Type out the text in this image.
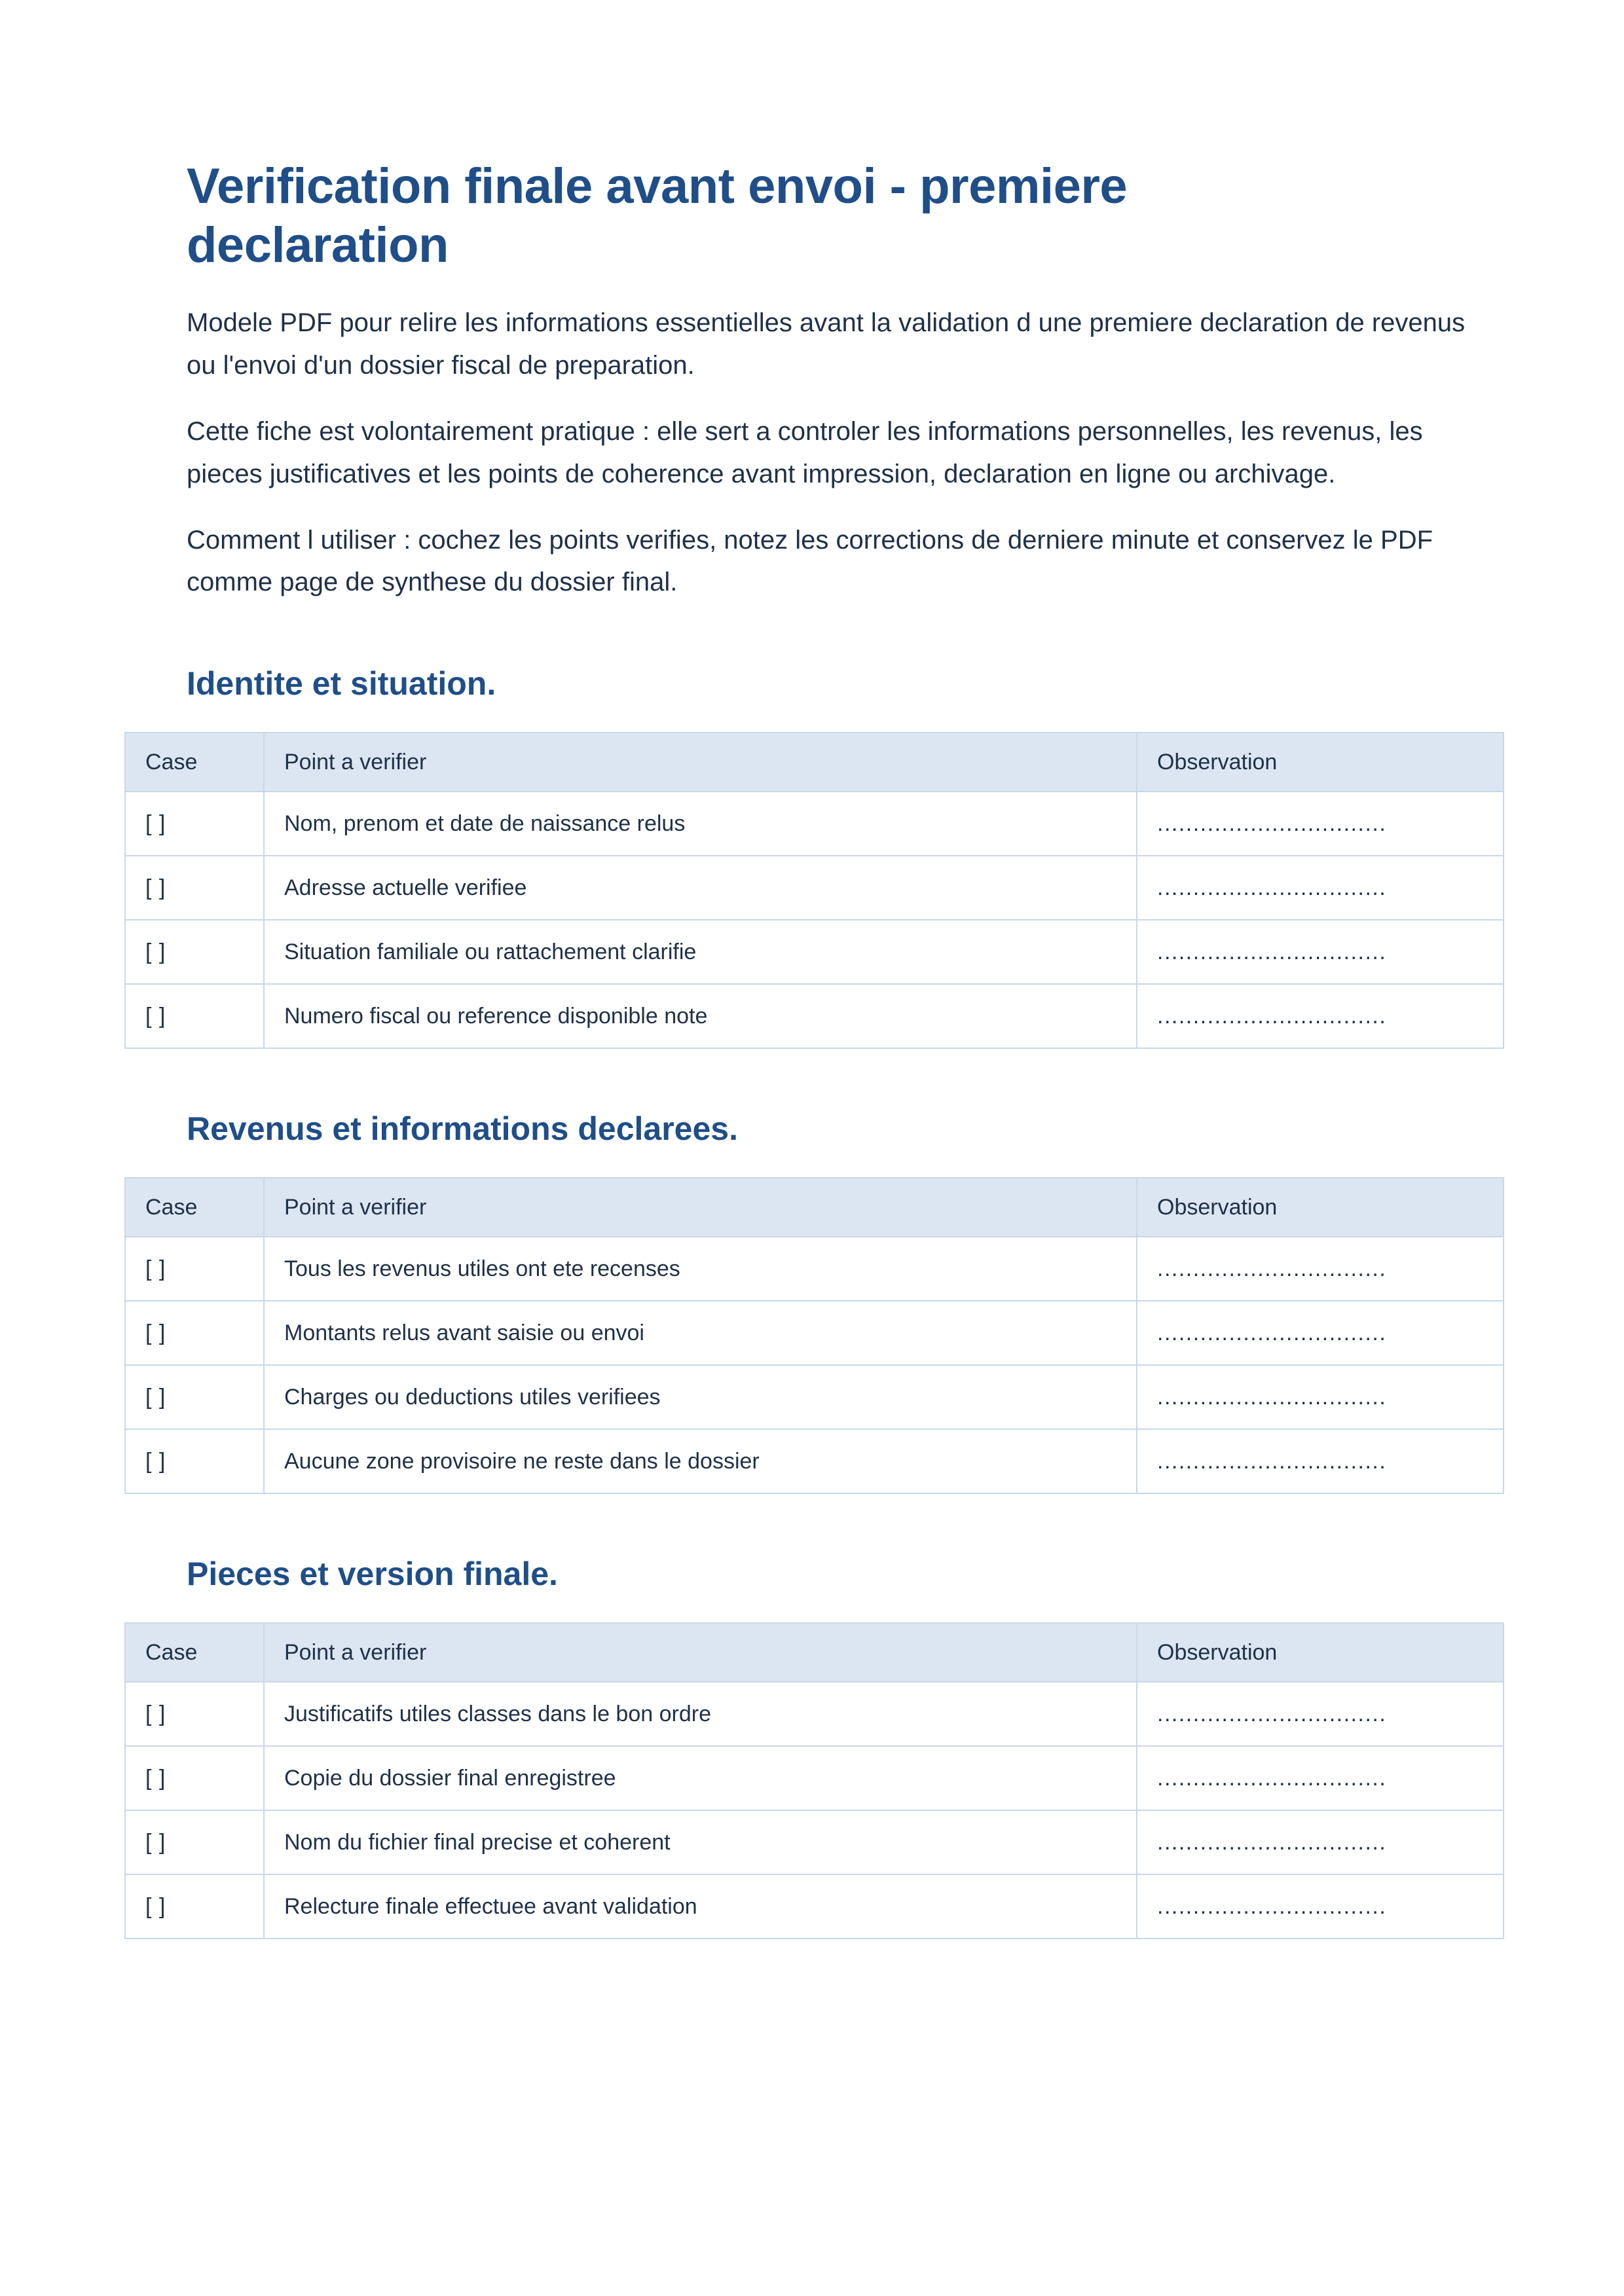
Verification finale avant envoi - premiere declaration

Modele PDF pour relire les informations essentielles avant la validation d une premiere declaration de revenus ou l'envoi d'un dossier fiscal de preparation.

Cette fiche est volontairement pratique : elle sert a controler les informations personnelles, les revenus, les pieces justificatives et les points de coherence avant impression, declaration en ligne ou archivage.

Comment l utiliser : cochez les points verifies, notez les corrections de derniere minute et conservez le PDF comme page de synthese du dossier final.

Identite et situation.
Case	Point a verifier	Observation
[ ]	Nom, prenom et date de naissance relus	................................
[ ]	Adresse actuelle verifiee	................................
[ ]	Situation familiale ou rattachement clarifie	................................
[ ]	Numero fiscal ou reference disponible note	................................
Revenus et informations declarees.
Case	Point a verifier	Observation
[ ]	Tous les revenus utiles ont ete recenses	................................
[ ]	Montants relus avant saisie ou envoi	................................
[ ]	Charges ou deductions utiles verifiees	................................
[ ]	Aucune zone provisoire ne reste dans le dossier	................................
Pieces et version finale.
Case	Point a verifier	Observation
[ ]	Justificatifs utiles classes dans le bon ordre	................................
[ ]	Copie du dossier final enregistree	................................
[ ]	Nom du fichier final precise et coherent	................................
[ ]	Relecture finale effectuee avant validation	................................
